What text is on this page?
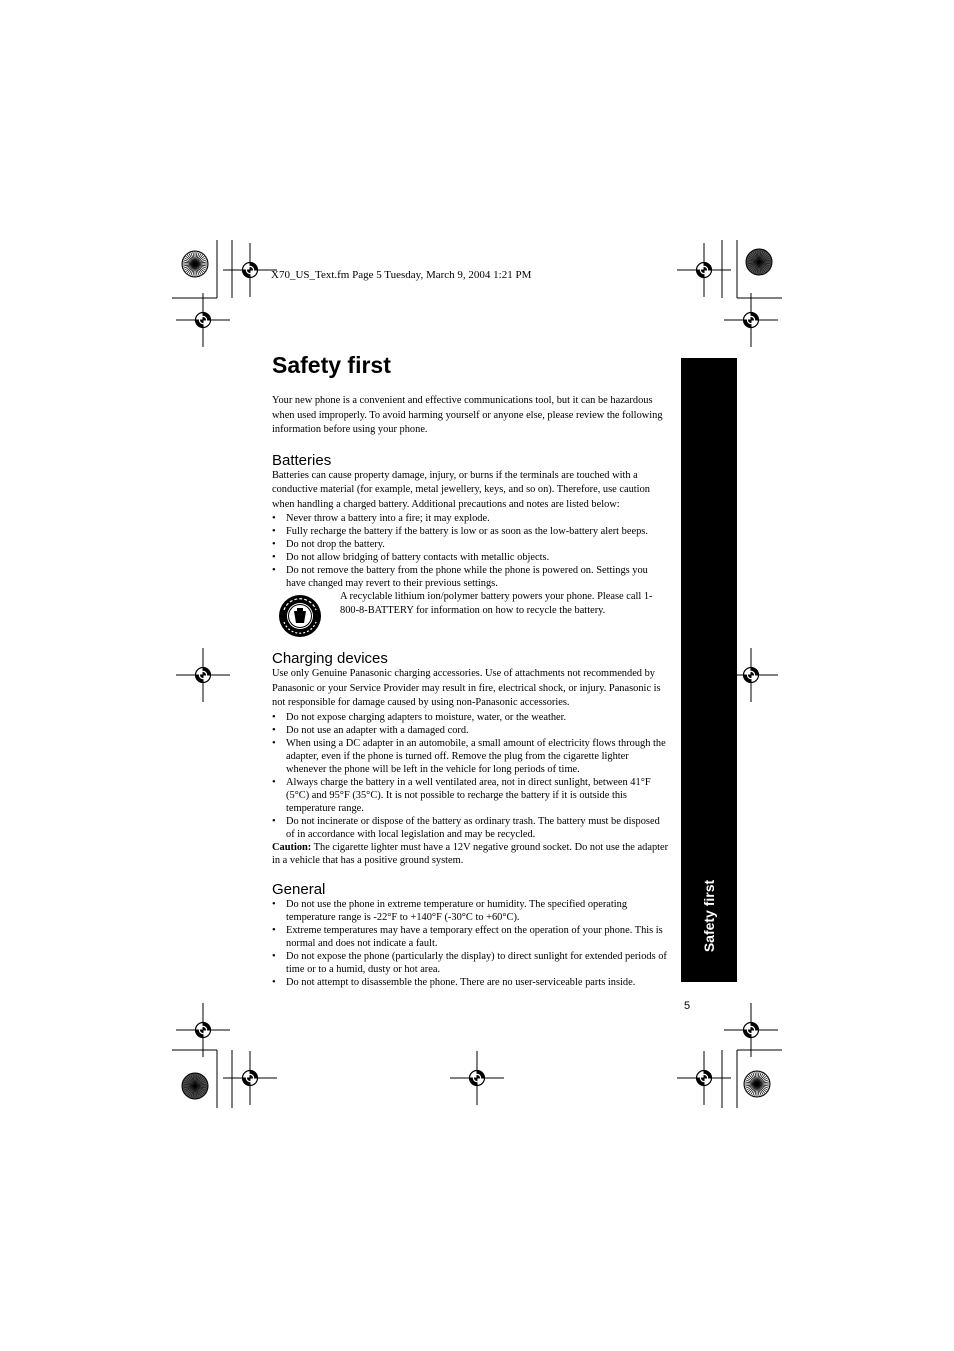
X70_US_Text.fm Page 5 Tuesday, March 9, 2004 1:21 PM
Safety first

Your new phone is a convenient and effective communications tool, but it can be hazardous when used improperly. To avoid harming yourself or anyone else, please review the following information before using your phone.

Batteries

Batteries can cause property damage, injury, or burns if the terminals are touched with a conductive material (for example, metal jewellery, keys, and so on). Therefore, use caution when handling a charged battery. Additional precautions and notes are listed below:

• Never throw a battery into a fire; it may explode.
• Fully recharge the battery if the battery is low or as soon as the low-battery alert beeps.
• Do not drop the battery.
• Do not allow bridging of battery contacts with metallic objects.
• Do not remove the battery from the phone while the phone is powered on. Settings you have changed may revert to their previous settings.

A recyclable lithium ion/polymer battery powers your phone. Please call 1-800-8-BATTERY for information on how to recycle the battery.

Charging devices

Use only Genuine Panasonic charging accessories. Use of attachments not recommended by Panasonic or your Service Provider may result in fire, electrical shock, or injury. Panasonic is not responsible for damage caused by using non-Panasonic accessories.

• Do not expose charging adapters to moisture, water, or the weather.
• Do not use an adapter with a damaged cord.
• When using a DC adapter in an automobile, a small amount of electricity flows through the adapter, even if the phone is turned off. Remove the plug from the cigarette lighter whenever the phone will be left in the vehicle for long periods of time.
• Always charge the battery in a well ventilated area, not in direct sunlight, between 41°F (5°C) and 95°F (35°C). It is not possible to recharge the battery if it is outside this temperature range.
• Do not incinerate or dispose of the battery as ordinary trash. The battery must be disposed of in accordance with local legislation and may be recycled.

Caution: The cigarette lighter must have a 12V negative ground socket. Do not use the adapter in a vehicle that has a positive ground system.

General
• Do not use the phone in extreme temperature or humidity. The specified operating temperature range is -22°F to +140°F (-30°C to +60°C).
• Extreme temperatures may have a temporary effect on the operation of your phone. This is normal and does not indicate a fault.
• Do not expose the phone (particularly the display) to direct sunlight for extended periods of time or to a humid, dusty or hot area.
• Do not attempt to disassemble the phone. There are no user-serviceable parts inside.
Safety first
5
